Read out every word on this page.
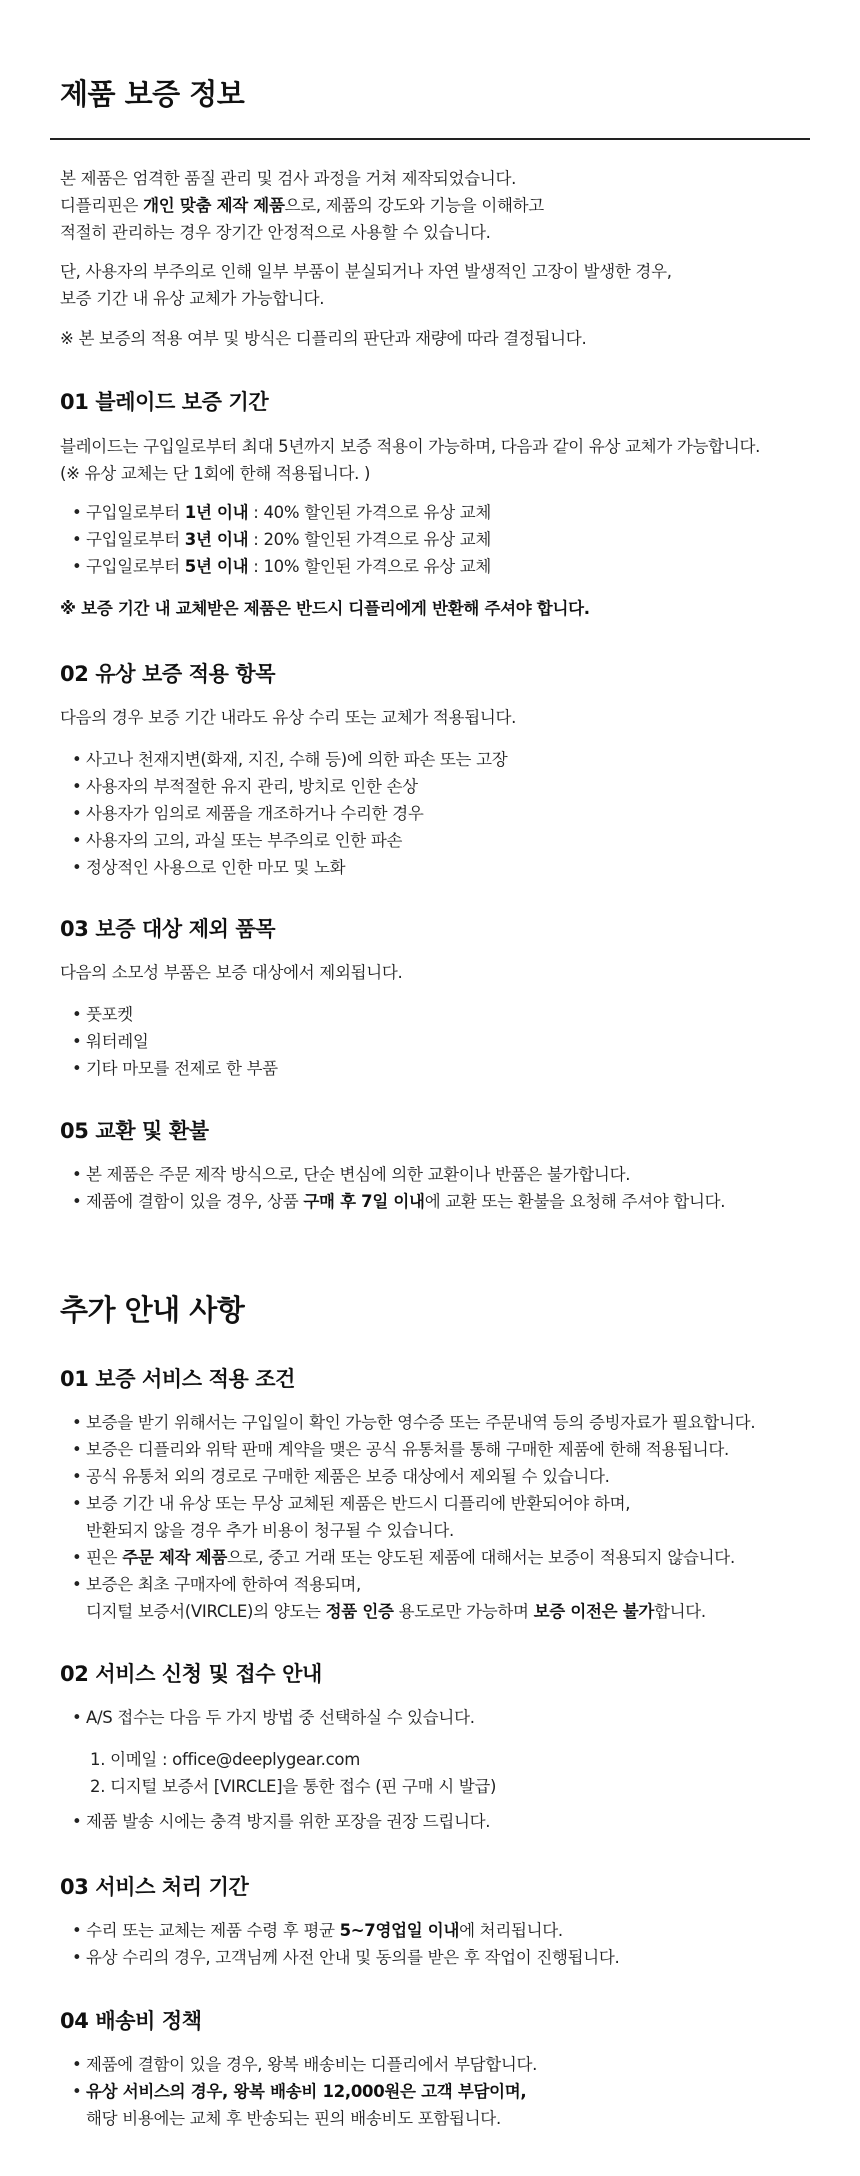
제품 보증 정보

본 제품은 엄격한 품질 관리 및 검사 과정을 거쳐 제작되었습니다.

디플리핀은 개인 맞춤 제작 제품으로, 제품의 강도와 기능을 이해하고

적절히 관리하는 경우 장기간 안정적으로 사용할 수 있습니다.

단, 사용자의 부주의로 인해 일부 부품이 분실되거나 자연 발생적인 고장이 발생한 경우,

보증 기간 내 유상 교체가 가능합니다.

※ 본 보증의 적용 여부 및 방식은 디플리의 판단과 재량에 따라 결정됩니다.

01 블레이드 보증 기간

블레이드는 구입일로부터 최대 5년까지 보증 적용이 가능하며, 다음과 같이 유상 교체가 가능합니다.

(※ 유상 교체는 단 1회에 한해 적용됩니다. )

• 구입일로부터 1년 이내 : 40% 할인된 가격으로 유상 교체
• 구입일로부터 3년 이내 : 20% 할인된 가격으로 유상 교체
• 구입일로부터 5년 이내 : 10% 할인된 가격으로 유상 교체

※ 보증 기간 내 교체받은 제품은 반드시 디플리에게 반환해 주셔야 합니다.

02 유상 보증 적용 항목

다음의 경우 보증 기간 내라도 유상 수리 또는 교체가 적용됩니다.

• 사고나 천재지변(화재, 지진, 수해 등)에 의한 파손 또는 고장
• 사용자의 부적절한 유지 관리, 방치로 인한 손상
• 사용자가 임의로 제품을 개조하거나 수리한 경우
• 사용자의 고의, 과실 또는 부주의로 인한 파손
• 정상적인 사용으로 인한 마모 및 노화
03 보증 대상 제외 품목

다음의 소모성 부품은 보증 대상에서 제외됩니다.

• 풋포켓
• 워터레일
• 기타 마모를 전제로 한 부품
05 교환 및 환불
• 본 제품은 주문 제작 방식으로, 단순 변심에 의한 교환이나 반품은 불가합니다.
• 제품에 결함이 있을 경우, 상품 구매 후 7일 이내에 교환 또는 환불을 요청해 주셔야 합니다.
추가 안내 사항
01 보증 서비스 적용 조건
• 보증을 받기 위해서는 구입일이 확인 가능한 영수증 또는 주문내역 등의 증빙자료가 필요합니다.
• 보증은 디플리와 위탁 판매 계약을 맺은 공식 유통처를 통해 구매한 제품에 한해 적용됩니다.
• 공식 유통처 외의 경로로 구매한 제품은 보증 대상에서 제외될 수 있습니다.
• 보증 기간 내 유상 또는 무상 교체된 제품은 반드시 디플리에 반환되어야 하며,
반환되지 않을 경우 추가 비용이 청구될 수 있습니다.
• 핀은 주문 제작 제품으로, 중고 거래 또는 양도된 제품에 대해서는 보증이 적용되지 않습니다.
• 보증은 최초 구매자에 한하여 적용되며,
디지털 보증서(VIRCLE)의 양도는 정품 인증 용도로만 가능하며 보증 이전은 불가합니다.
02 서비스 신청 및 접수 안내
• A/S 접수는 다음 두 가지 방법 중 선택하실 수 있습니다.
1. 이메일 : office@deeplygear.com
2. 디지털 보증서 [VIRCLE]을 통한 접수 (핀 구매 시 발급)
• 제품 발송 시에는 충격 방지를 위한 포장을 권장 드립니다.
03 서비스 처리 기간
• 수리 또는 교체는 제품 수령 후 평균 5~7영업일 이내에 처리됩니다.
• 유상 수리의 경우, 고객님께 사전 안내 및 동의를 받은 후 작업이 진행됩니다.
04 배송비 정책
• 제품에 결함이 있을 경우, 왕복 배송비는 디플리에서 부담합니다.
• 유상 서비스의 경우, 왕복 배송비 12,000원은 고객 부담이며,
해당 비용에는 교체 후 반송되는 핀의 배송비도 포함됩니다.
